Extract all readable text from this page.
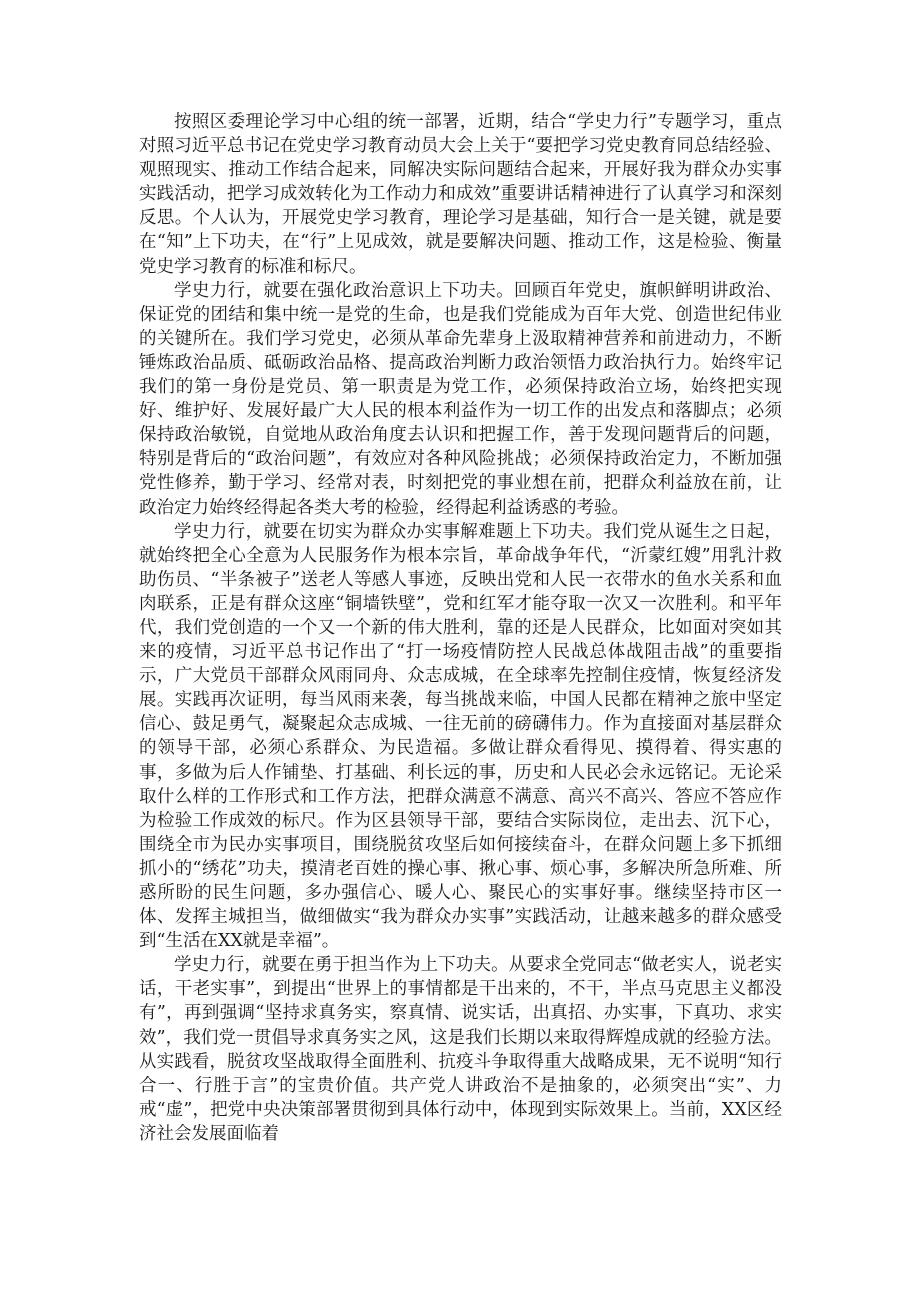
按照区委理论学习中心组的统一部署，近期，结合“学史力行”专题学习，重点对照习近平总书记在党史学习教育动员大会上关于“要把学习党史教育同总结经验、观照现实、推动工作结合起来，同解决实际问题结合起来，开展好我为群众办实事实践活动，把学习成效转化为工作动力和成效”重要讲话精神进行了认真学习和深刻反思。个人认为，开展党史学习教育，理论学习是基础，知行合一是关键，就是要在“知”上下功夫，在“行”上见成效，就是要解决问题、推动工作，这是检验、衡量党史学习教育的标准和标尺。

学史力行，就要在强化政治意识上下功夫。回顾百年党史，旗帜鲜明讲政治、保证党的团结和集中统一是党的生命，也是我们党能成为百年大党、创造世纪伟业的关键所在。我们学习党史，必须从革命先辈身上汲取精神营养和前进动力，不断锤炼政治品质、砥砺政治品格、提高政治判断力政治领悟力政治执行力。始终牢记我们的第一身份是党员、第一职责是为党工作，必须保持政治立场，始终把实现好、维护好、发展好最广大人民的根本利益作为一切工作的出发点和落脚点；必须保持政治敏锐，自觉地从政治角度去认识和把握工作，善于发现问题背后的问题，特别是背后的“政治问题”，有效应对各种风险挑战；必须保持政治定力，不断加强党性修养，勤于学习、经常对表，时刻把党的事业想在前，把群众利益放在前，让政治定力始终经得起各类大考的检验，经得起利益诱惑的考验。

学史力行，就要在切实为群众办实事解难题上下功夫。我们党从诞生之日起，就始终把全心全意为人民服务作为根本宗旨，革命战争年代，“沂蒙红嫂”用乳汁救助伤员、“半条被子”送老人等感人事迹，反映出党和人民一衣带水的鱼水关系和血肉联系，正是有群众这座“铜墙铁壁”，党和红军才能夺取一次又一次胜利。和平年代，我们党创造的一个又一个新的伟大胜利，靠的还是人民群众，比如面对突如其来的疫情，习近平总书记作出了“打一场疫情防控人民战总体战阻击战”的重要指示，广大党员干部群众风雨同舟、众志成城，在全球率先控制住疫情，恢复经济发展。实践再次证明，每当风雨来袭，每当挑战来临，中国人民都在精神之旅中坚定信心、鼓足勇气，凝聚起众志成城、一往无前的磅礴伟力。作为直接面对基层群众的领导干部，必须心系群众、为民造福。多做让群众看得见、摸得着、得实惠的事，多做为后人作铺垫、打基础、利长远的事，历史和人民必会永远铭记。无论采取什么样的工作形式和工作方法，把群众满意不满意、高兴不高兴、答应不答应作为检验工作成效的标尺。作为区县领导干部，要结合实际岗位，走出去、沉下心，围绕全市为民办实事项目，围绕脱贫攻坚后如何接续奋斗，在群众问题上多下抓细抓小的“绣花”功夫，摸清老百姓的操心事、揪心事、烦心事，多解决所急所难、所惑所盼的民生问题，多办强信心、暖人心、聚民心的实事好事。继续坚持市区一体、发挥主城担当，做细做实“我为群众办实事”实践活动，让越来越多的群众感受到“生活在XX就是幸福”。

学史力行，就要在勇于担当作为上下功夫。从要求全党同志“做老实人，说老实话，干老实事”，到提出“世界上的事情都是干出来的，不干，半点马克思主义都没有”，再到强调“坚持求真务实，察真情、说实话，出真招、办实事，下真功、求实效”，我们党一贯倡导求真务实之风，这是我们长期以来取得辉煌成就的经验方法。从实践看，脱贫攻坚战取得全面胜利、抗疫斗争取得重大战略成果，无不说明“知行合一、行胜于言”的宝贵价值。共产党人讲政治不是抽象的，必须突出“实”、力戒“虚”，把党中央决策部署贯彻到具体行动中，体现到实际效果上。当前，XX区经济社会发展面临着
